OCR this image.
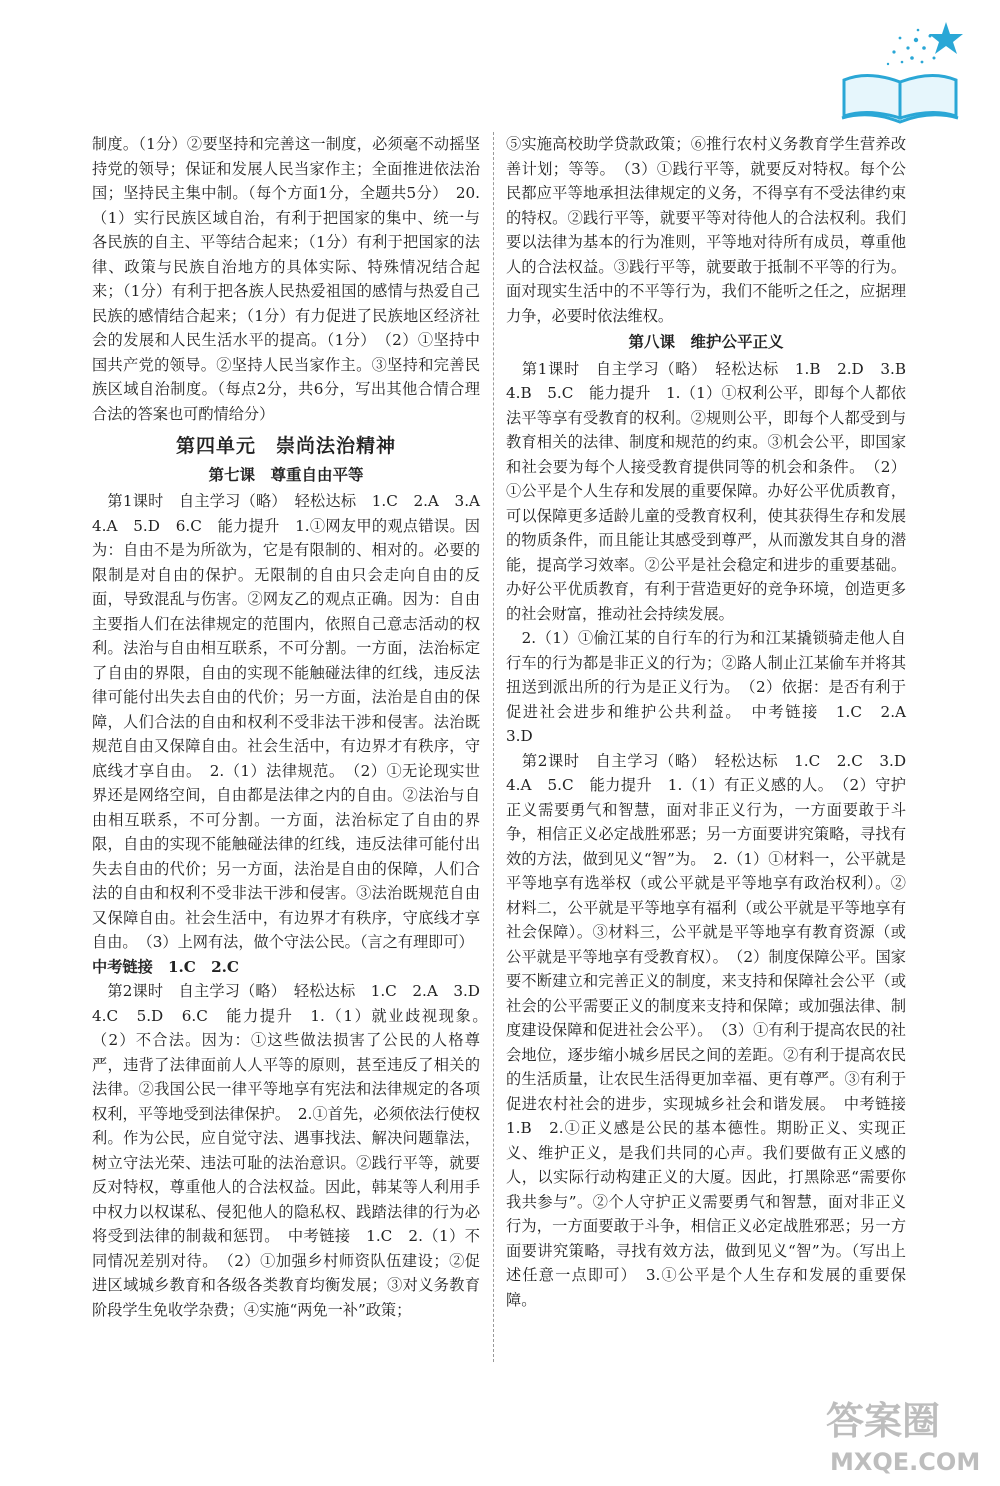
制度。（1分）②要坚持和完善这一制度，必须毫不动摇坚持党的领导；保证和发展人民当家作主；全面推进依法治国；坚持民主集中制。（每个方面1分，全题共5分）　20.（1）实行民族区域自治，有利于把国家的集中、统一与各民族的自主、平等结合起来；（1分）有利于把国家的法律、政策与民族自治地方的具体实际、特殊情况结合起来；（1分）有利于把各族人民热爱祖国的感情与热爱自己民族的感情结合起来；（1分）有力促进了民族地区经济社会的发展和人民生活水平的提高。（1分）　（2）①坚持中国共产党的领导。②坚持人民当家作主。③坚持和完善民族区域自治制度。（每点2分，共6分，写出其他合情合理合法的答案也可酌情给分）

第四单元　崇尚法治精神
第七课　尊重自由平等

　第1课时　自主学习（略）　轻松达标　1.C　2.A　3.A　4.A　5.D　6.C　能力提升　1.①网友甲的观点错误。因为：自由不是为所欲为，它是有限制的、相对的。必要的限制是对自由的保护。无限制的自由只会走向自由的反面，导致混乱与伤害。②网友乙的观点正确。因为：自由主要指人们在法律规定的范围内，依照自己意志活动的权利。法治与自由相互联系，不可分割。一方面，法治标定了自由的界限，自由的实现不能触碰法律的红线，违反法律可能付出失去自由的代价；另一方面，法治是自由的保障，人们合法的自由和权利不受非法干涉和侵害。法治既规范自由又保障自由。社会生活中，有边界才有秩序，守底线才享自由。　2.（1）法律规范。　（2）①无论现实世界还是网络空间，自由都是法律之内的自由。②法治与自由相互联系，不可分割。一方面，法治标定了自由的界限，自由的实现不能触碰法律的红线，违反法律可能付出失去自由的代价；另一方面，法治是自由的保障，人们合法的自由和权利不受非法干涉和侵害。③法治既规范自由又保障自由。社会生活中，有边界才有秩序，守底线才享自由。　（3）上网有法，做个守法公民。（言之有理即可）

中考链接　1.C　2.C

　第2课时　自主学习（略）　轻松达标　1.C　2.A　3.D　4.C　5.D　6.C　能力提升　1.（1）就业歧视现象。　（2）不合法。因为：①这些做法损害了公民的人格尊严，违背了法律面前人人平等的原则，甚至违反了相关的法律。②我国公民一律平等地享有宪法和法律规定的各项权利，平等地受到法律保护。　2.①首先，必须依法行使权利。作为公民，应自觉守法、遇事找法、解决问题靠法，树立守法光荣、违法可耻的法治意识。②践行平等，就要反对特权，尊重他人的合法权益。因此，韩某等人利用手中权力以权谋私、侵犯他人的隐私权、践踏法律的行为必将受到法律的制裁和惩罚。　中考链接　1.C　2.（1）不同情况差别对待。　（2）①加强乡村师资队伍建设；②促进区域城乡教育和各级各类教育均衡发展；③对义务教育阶段学生免收学杂费；④实施“两免一补”政策；

⑤实施高校助学贷款政策；⑥推行农村义务教育学生营养改善计划；等等。　（3）①践行平等，就要反对特权。每个公民都应平等地承担法律规定的义务，不得享有不受法律约束的特权。②践行平等，就要平等对待他人的合法权利。我们要以法律为基本的行为准则，平等地对待所有成员，尊重他人的合法权益。③践行平等，就要敢于抵制不平等的行为。面对现实生活中的不平等行为，我们不能听之任之，应据理力争，必要时依法维权。

第八课　维护公平正义

　第1课时　自主学习（略）　轻松达标　1.B　2.D　3.B　4.B　5.C　能力提升　1.（1）①权利公平，即每个人都依法平等享有受教育的权利。②规则公平，即每个人都受到与教育相关的法律、制度和规范的约束。③机会公平，即国家和社会要为每个人接受教育提供同等的机会和条件。　（2）①公平是个人生存和发展的重要保障。办好公平优质教育，可以保障更多适龄儿童的受教育权利，使其获得生存和发展的物质条件，而且能让其感受到尊严，从而激发其自身的潜能，提高学习效率。②公平是社会稳定和进步的重要基础。办好公平优质教育，有利于营造更好的竞争环境，创造更多的社会财富，推动社会持续发展。

　2.（1）①偷江某的自行车的行为和江某撬锁骑走他人自行车的行为都是非正义的行为；②路人制止江某偷车并将其扭送到派出所的行为是正义行为。　（2）依据：是否有利于促进社会进步和维护公共利益。　中考链接　1.C　2.A　3.D

　第2课时　自主学习（略）　轻松达标　1.C　2.C　3.D　4.A　5.C　能力提升　1.（1）有正义感的人。　（2）守护正义需要勇气和智慧，面对非正义行为，一方面要敢于斗争，相信正义必定战胜邪恶；另一方面要讲究策略，寻找有效的方法，做到见义“智”为。　2.（1）①材料一，公平就是平等地享有选举权（或公平就是平等地享有政治权利）。②材料二，公平就是平等地享有福利（或公平就是平等地享有社会保障）。③材料三，公平就是平等地享有教育资源（或公平就是平等地享有受教育权）。　（2）制度保障公平。国家要不断建立和完善正义的制度，来支持和保障社会公平（或社会的公平需要正义的制度来支持和保障；或加强法律、制度建设保障和促进社会公平）。　（3）①有利于提高农民的社会地位，逐步缩小城乡居民之间的差距。②有利于提高农民的生活质量，让农民生活得更加幸福、更有尊严。③有利于促进农村社会的进步，实现城乡社会和谐发展。　中考链接　1.B　2.①正义感是公民的基本德性。期盼正义、实现正义、维护正义，是我们共同的心声。我们要做有正义感的人，以实际行动构建正义的大厦。因此，打黑除恶“需要你我共参与”。②个人守护正义需要勇气和智慧，面对非正义行为，一方面要敢于斗争，相信正义必定战胜邪恶；另一方面要讲究策略，寻找有效方法，做到见义“智”为。（写出上述任意一点即可）　3.①公平是个人生存和发展的重要保障。

答案圈
MXQE.COM
